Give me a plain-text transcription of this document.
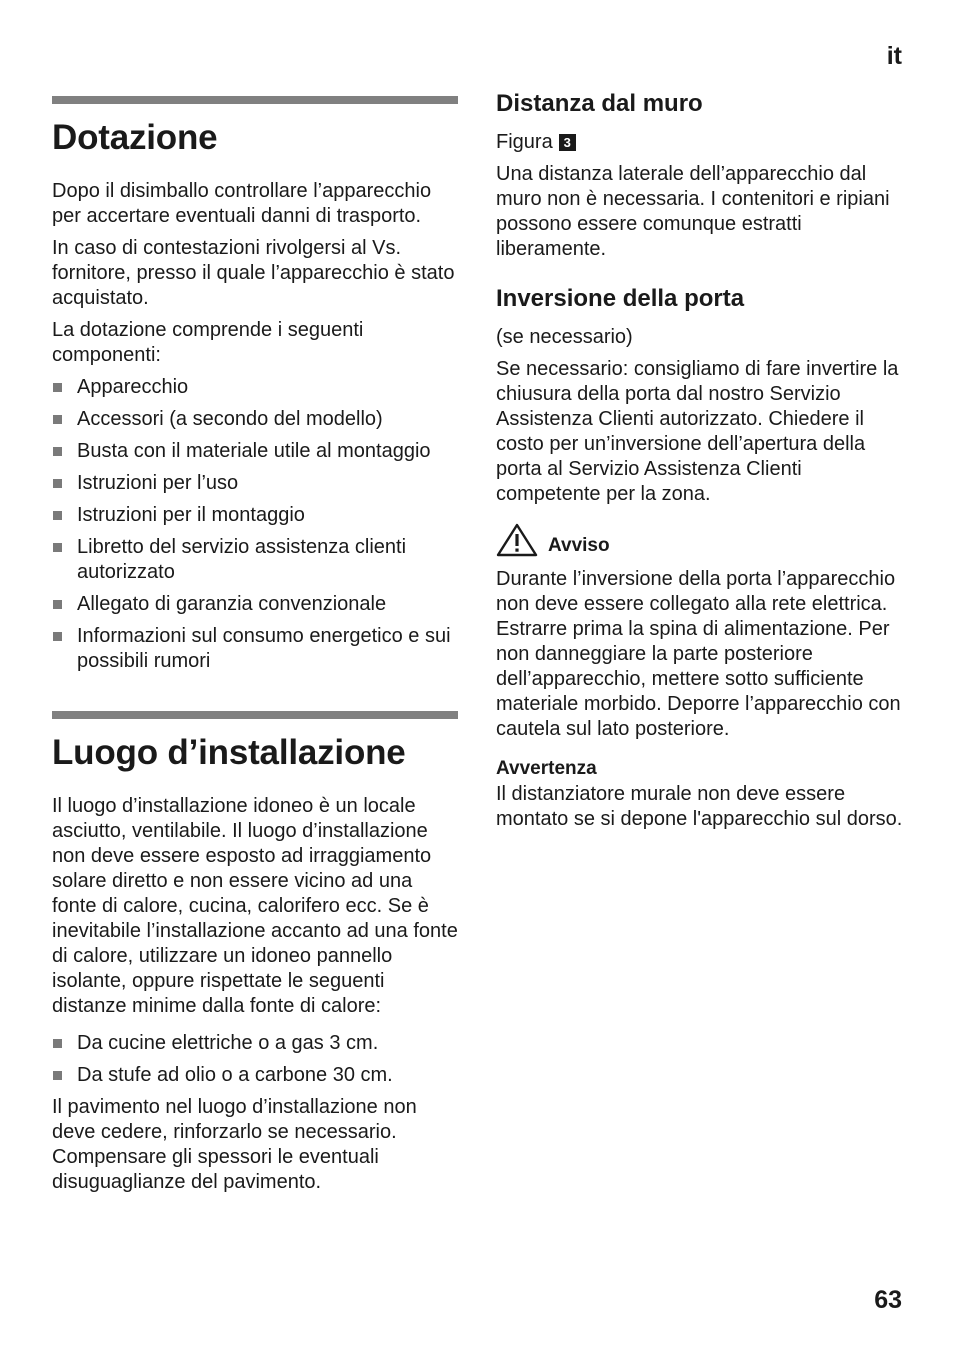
it
Dotazione

Dopo il disimballo controllare l’apparecchio per accertare eventuali danni di trasporto.

In caso di contestazioni rivolgersi al Vs. fornitore, presso il quale l’apparecchio è stato acquistato.

La dotazione comprende i seguenti componenti:

Apparecchio
Accessori (a secondo del modello)
Busta con il materiale utile al montaggio
Istruzioni per l’uso
Istruzioni per il montaggio
Libretto del servizio assistenza clienti autorizzato
Allegato di garanzia convenzionale
Informazioni sul consumo energetico e sui possibili rumori
Luogo d’installazione

Il luogo d’installazione idoneo è un locale asciutto, ventilabile. Il luogo d’installazione non deve essere esposto ad irraggiamento solare diretto e non essere vicino ad una fonte di calore, cucina, calorifero ecc. Se è inevitabile l’installazione accanto ad una fonte di calore, utilizzare un idoneo pannello isolante, oppure rispettate le seguenti distanze minime dalla fonte di calore:

Da cucine elettriche o a gas 3 cm.
Da stufe ad olio o a carbone 30 cm.

Il pavimento nel luogo d’installazione non deve cedere, rinforzarlo se necessario. Compensare gli spessori le eventuali disuguaglianze del pavimento.

Distanza dal muro

Figura 3

Una distanza laterale dell’apparecchio dal muro non è necessaria. I contenitori e ripiani possono essere comunque estratti liberamente.

Inversione della porta

(se necessario)

Se necessario: consigliamo di fare invertire la chiusura della porta dal nostro Servizio Assistenza Clienti autorizzato. Chiedere il costo per un’inversione dell’apertura della porta al Servizio Assistenza Clienti competente per la zona.

Avviso

Durante l’inversione della porta l’apparecchio non deve essere collegato alla rete elettrica. Estrarre prima la spina di alimentazione. Per non danneggiare la parte posteriore dell’apparecchio, mettere sotto sufficiente materiale morbido. Deporre l’apparecchio con cautela sul lato posteriore.

Avvertenza

Il distanziatore murale non deve essere montato se si depone l'apparecchio sul dorso.

63
